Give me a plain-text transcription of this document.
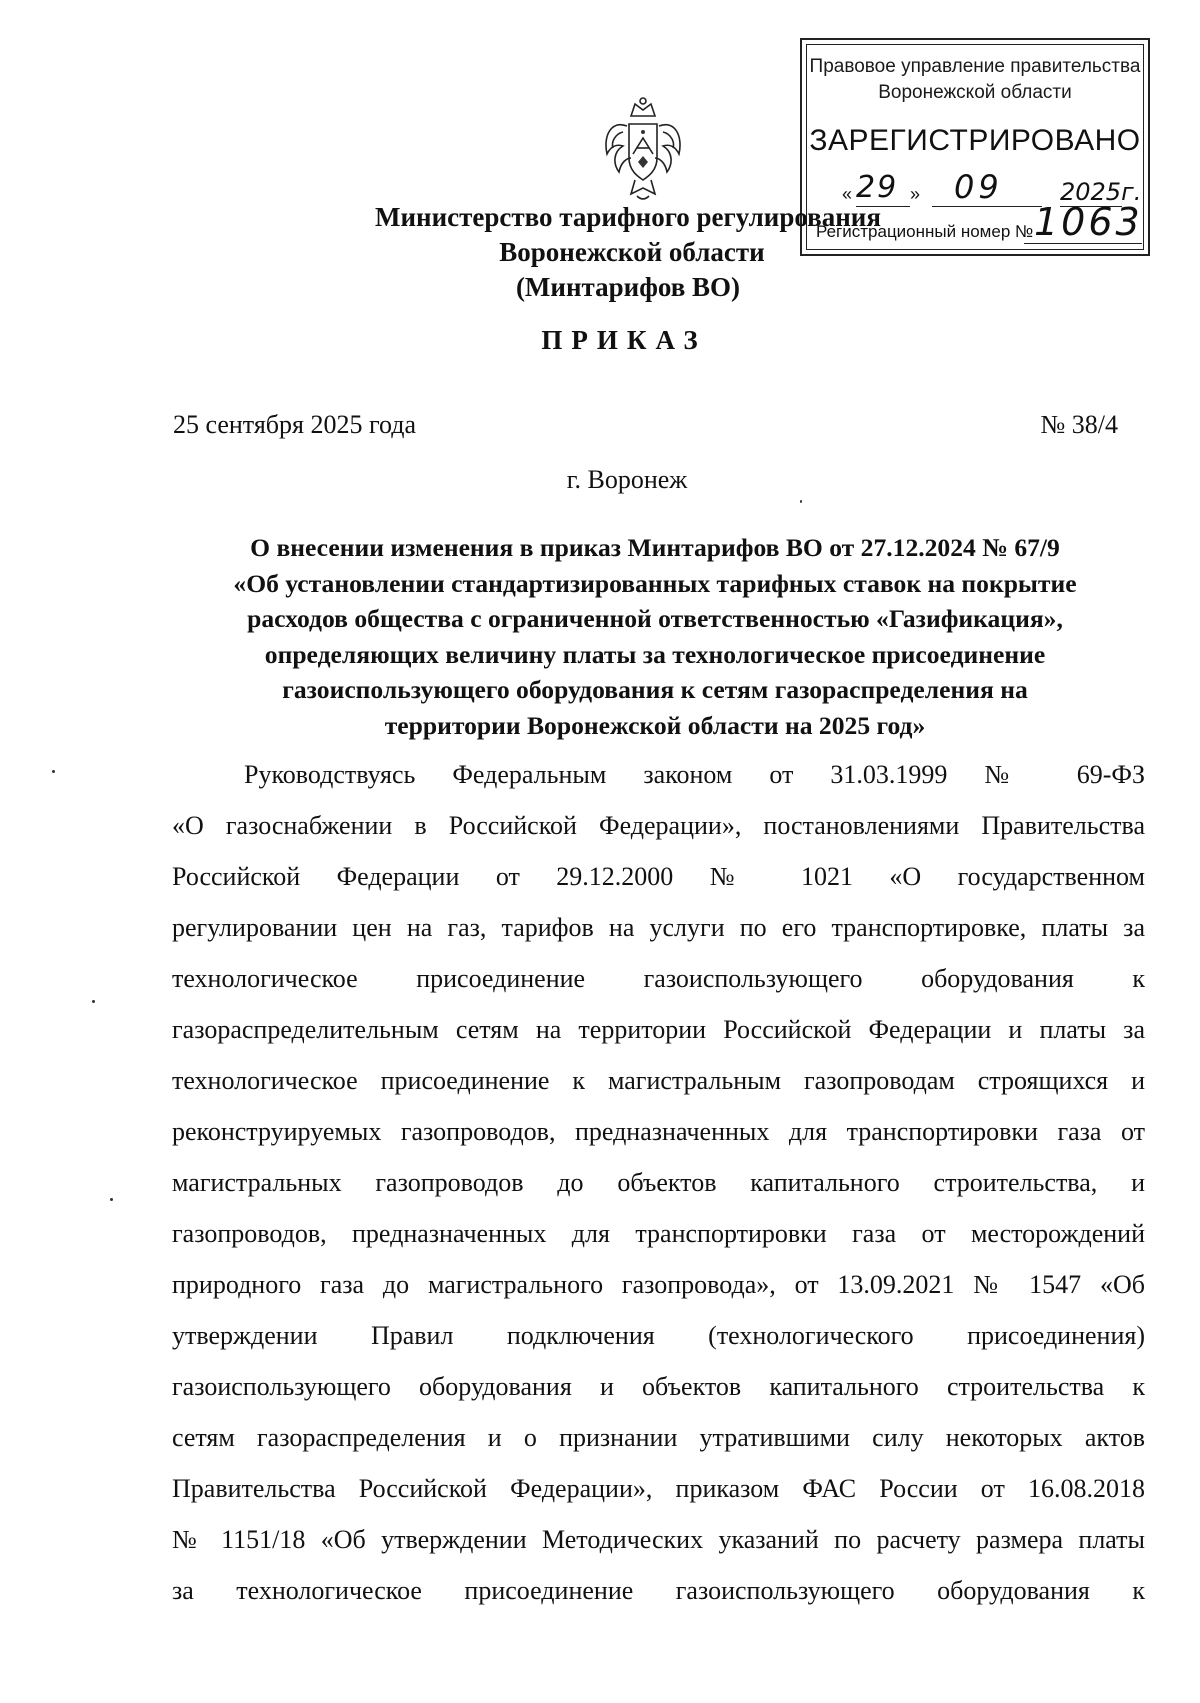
Правовое управление правительства
Воронежской области
ЗАРЕГИСТРИРОВАНО
« 29 » 09 2025г.
Регистрационный номер № 1063
Министерство тарифного регулирования
Воронежской области
(Минтарифов ВО)
ПРИКАЗ
25 сентября 2025 года	№ 38/4
г. Воронеж
О внесении изменения в приказ Минтарифов ВО от 27.12.2024 № 67/9
«Об установлении стандартизированных тарифных ставок на покрытие
расходов общества с ограниченной ответственностью «Газификация»,
определяющих величину платы за технологическое присоединение
газоиспользующего оборудования к сетям газораспределения на
территории Воронежской области на 2025 год»
Руководствуясь Федеральным законом от 31.03.1999 № 69-ФЗ
«О газоснабжении в Российской Федерации», постановлениями Правительства
Российской Федерации от 29.12.2000 № 1021 «О государственном
регулировании цен на газ, тарифов на услуги по его транспортировке, платы за
технологическое присоединение газоиспользующего оборудования к
газораспределительным сетям на территории Российской Федерации и платы за
технологическое присоединение к магистральным газопроводам строящихся и
реконструируемых газопроводов, предназначенных для транспортировки газа от
магистральных газопроводов до объектов капитального строительства, и
газопроводов, предназначенных для транспортировки газа от месторождений
природного газа до магистрального газопровода», от 13.09.2021 № 1547 «Об
утверждении Правил подключения (технологического присоединения)
газоиспользующего оборудования и объектов капитального строительства к
сетям газораспределения и о признании утратившими силу некоторых актов
Правительства Российской Федерации», приказом ФАС России от 16.08.2018
№ 1151/18 «Об утверждении Методических указаний по расчету размера платы
за технологическое присоединение газоиспользующего оборудования к
